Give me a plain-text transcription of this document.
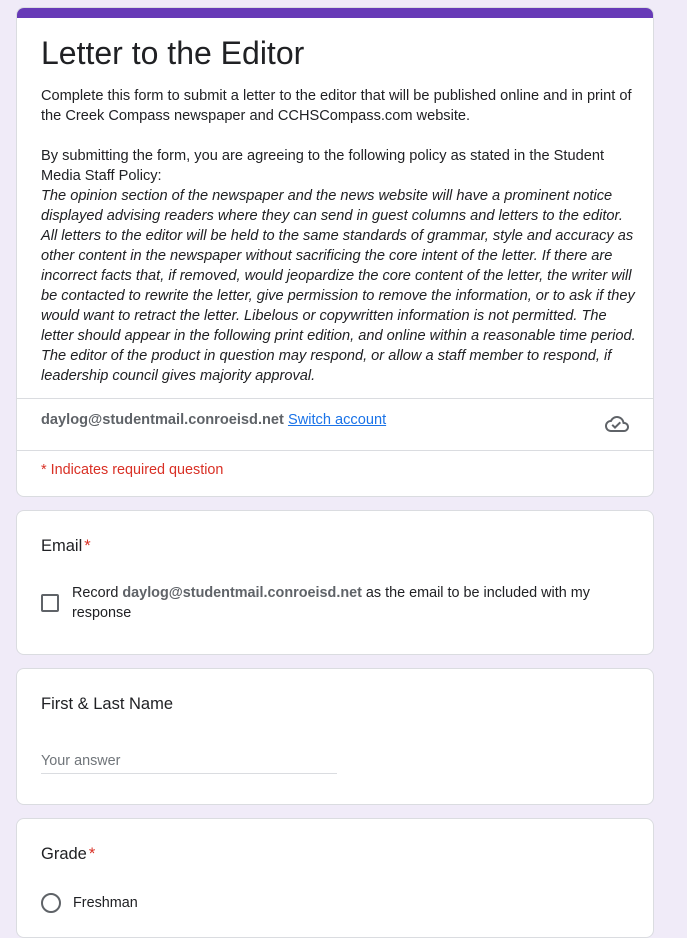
Letter to the Editor

Complete this form to submit a letter to the editor that will be published online and in print of the Creek Compass newspaper and CCHSCompass.com website.

By submitting the form, you are agreeing to the following policy as stated in the Student Media Staff Policy:

The opinion section of the newspaper and the news website will have a prominent notice displayed advising readers where they can send in guest columns and letters to the editor. All letters to the editor will be held to the same standards of grammar, style and accuracy as other content in the newspaper without sacrificing the core intent of the letter. If there are incorrect facts that, if removed, would jeopardize the core content of the letter, the writer will be contacted to rewrite the letter, give permission to remove the information, or to ask if they would want to retract the letter. Libelous or copywritten information is not permitted. The letter should appear in the following print edition, and online within a reasonable time period. The editor of the product in question may respond, or allow a staff member to respond, if leadership council gives majority approval.

daylog@studentmail.conroeisd.net Switch account
* Indicates required question
Email *
Record daylog@studentmail.conroeisd.net as the email to be included with my response
First & Last Name
Your answer
Grade *
Freshman
